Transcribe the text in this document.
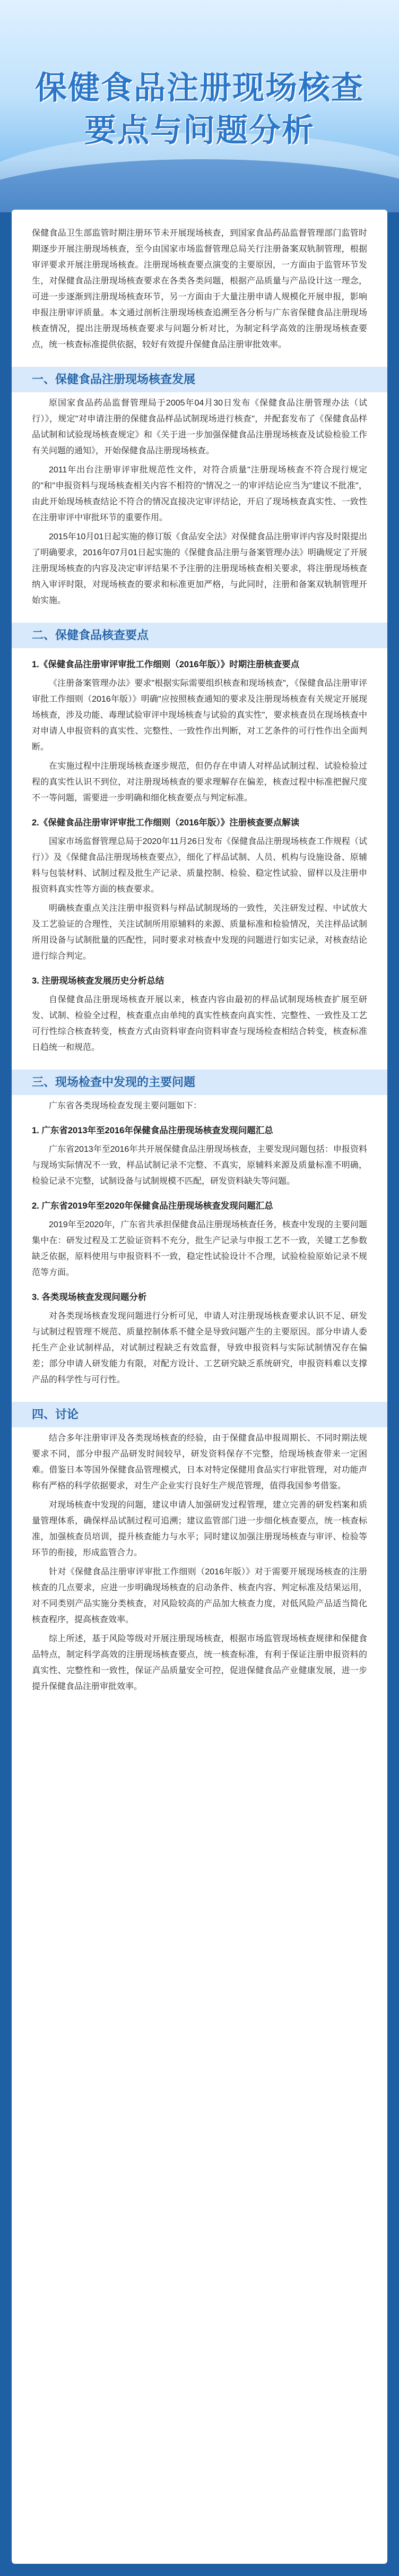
保健食品注册现场核查
要点与问题分析
保健食品卫生部监管时期注册环节未开展现场核查，到国家食品药品监督管理部门监管时期逐步开展注册现场核查，至今由国家市场监督管理总局关行注册备案双轨制管理，根据审评要求开展注册现场核查。注册现场核查要点演变的主要原因，一方面由于监管环节发生，对保健食品注册现场核查要求在各类各类问题，根据产品质量与产品设计这一理念，可进一步逐渐到注册现场核查环节，另一方面由于大量注册申请人规模化开展申报，影响申报注册审评质量。本文通过剖析注册现场核查追溯至各分析与广东省保健食品注册现场核查情况，提出注册现场核查要求与问题分析对比，为制定科学高效的注册现场核查要点，统一核查标准提供依据，较好有效提升保健食品注册审批效率。
一、保健食品注册现场核查发展
原国家食品药品监督管理局于2005年04月30日发布《保健食品注册管理办法（试行）》，规定"对申请注册的保健食品样品试制现场进行核查"，并配套发布了《保健食品样品试制和试验现场核查规定》和《关于进一步加强保健食品注册现场核查及试验检验工作有关问题的通知》，开始保健食品注册现场核查。
2011年出台注册审评审批规范性文件，对符合质量"注册现场核查不符合现行规定的"和"申报资料与现场核查相关内容不相符的"情况之一的审评结论应当为"建议不批准"，由此开始现场核查结论不符合的情况直接决定审评结论，开启了现场核查真实性、一致性在注册审评中审批环节的重要作用。
2015年10月01日起实施的修订版《食品安全法》对保健食品注册审评内容及时限提出了明确要求，2016年07月01日起实施的《保健食品注册与备案管理办法》明确规定了开展注册现场核查的内容及决定审评结果不予注册的注册现场核查相关要求，将注册现场核查纳入审评时限，对现场核查的要求和标准更加严格，与此同时，注册和备案双轨制管理开始实施。
二、保健食品核查要点
1.《保健食品注册审评审批工作细则（2016年版）》时期注册核查要点
《注册备案管理办法》要求"根据实际需要组织核查和现场核查"，《保健食品注册审评审批工作细则（2016年版）》明确"应按照核查通知的要求及注册现场核查有关规定开展现场核查，涉及功能、毒理试验审评中现场核查与试验的真实性"，要求核查员在现场核查中对申请人申报资料的真实性、完整性、一致性作出判断，对工艺条件的可行性作出全面判断。
在实施过程中注册现场核查逐步规范，但仍存在申请人对样品试制过程、试验检验过程的真实性认识不到位，对注册现场核查的要求理解存在偏差，核查过程中标准把握尺度不一等问题，需要进一步明确和细化核查要点与判定标准。
2.《保健食品注册审评审批工作细则（2016年版）》注册核查要点解读
国家市场监督管理总局于2020年11月26日发布《保健食品注册现场核查工作规程（试行）》及《保健食品注册现场核查要点》，细化了样品试制、人员、机构与设施设备、原辅料与包装材料、试制过程及批生产记录、质量控制、检验、稳定性试验、留样以及注册申报资料真实性等方面的核查要求。
明确核查重点关注注册申报资料与样品试制现场的一致性，关注研发过程、中试放大及工艺验证的合理性，关注试制所用原辅料的来源、质量标准和检验情况，关注样品试制所用设备与试制批量的匹配性，同时要求对核查中发现的问题进行如实记录，对核查结论进行综合判定。
3. 注册现场核查发展历史分析总结
自保健食品注册现场核查开展以来，核查内容由最初的样品试制现场核查扩展至研发、试制、检验全过程，核查重点由单纯的真实性核查向真实性、完整性、一致性及工艺可行性综合核查转变，核查方式由资料审查向资料审查与现场检查相结合转变，核查标准日趋统一和规范。
三、现场检查中发现的主要问题
广东省各类现场检查发现主要问题如下：
1. 广东省2013年至2016年保健食品注册现场核查发现问题汇总
广东省2013年至2016年共开展保健食品注册现场核查，主要发现问题包括：申报资料与现场实际情况不一致，样品试制记录不完整、不真实，原辅料来源及质量标准不明确，检验记录不完整，试制设备与试制规模不匹配，研发资料缺失等问题。
2. 广东省2019年至2020年保健食品注册现场核查发现问题汇总
2019年至2020年，广东省共承担保健食品注册现场核查任务，核查中发现的主要问题集中在：研发过程及工艺验证资料不充分，批生产记录与申报工艺不一致，关键工艺参数缺乏依据，原料使用与申报资料不一致，稳定性试验设计不合理，试验检验原始记录不规范等方面。
3. 各类现场核查发现问题分析
对各类现场核查发现问题进行分析可见，申请人对注册现场核查要求认识不足、研发与试制过程管理不规范、质量控制体系不健全是导致问题产生的主要原因。部分申请人委托生产企业试制样品，对试制过程缺乏有效监督，导致申报资料与实际试制情况存在偏差；部分申请人研发能力有限，对配方设计、工艺研究缺乏系统研究，申报资料难以支撑产品的科学性与可行性。
四、讨论
结合多年注册审评及各类现场核查的经验，由于保健食品申报周期长、不同时期法规要求不同，部分申报产品研发时间较早，研发资料保存不完整，给现场核查带来一定困难。借鉴日本等国外保健食品管理模式，日本对特定保健用食品实行审批管理，对功能声称有严格的科学依据要求，对生产企业实行良好生产规范管理，值得我国参考借鉴。
对现场核查中发现的问题，建议申请人加强研发过程管理，建立完善的研发档案和质量管理体系，确保样品试制过程可追溯；建议监管部门进一步细化核查要点，统一核查标准，加强核查员培训，提升核查能力与水平；同时建议加强注册现场核查与审评、检验等环节的衔接，形成监管合力。
针对《保健食品注册审评审批工作细则（2016年版）》对于需要开展现场核查的注册核查的几点要求，应进一步明确现场核查的启动条件、核查内容、判定标准及结果运用，对不同类别产品实施分类核查，对风险较高的产品加大核查力度，对低风险产品适当简化核查程序，提高核查效率。
综上所述，基于风险等级对开展注册现场核查，根据市场监管现场核查规律和保健食品特点，制定科学高效的注册现场核查要点，统一核查标准，有利于保证注册申报资料的真实性、完整性和一致性，保证产品质量安全可控，促进保健食品产业健康发展，进一步提升保健食品注册审批效率。
